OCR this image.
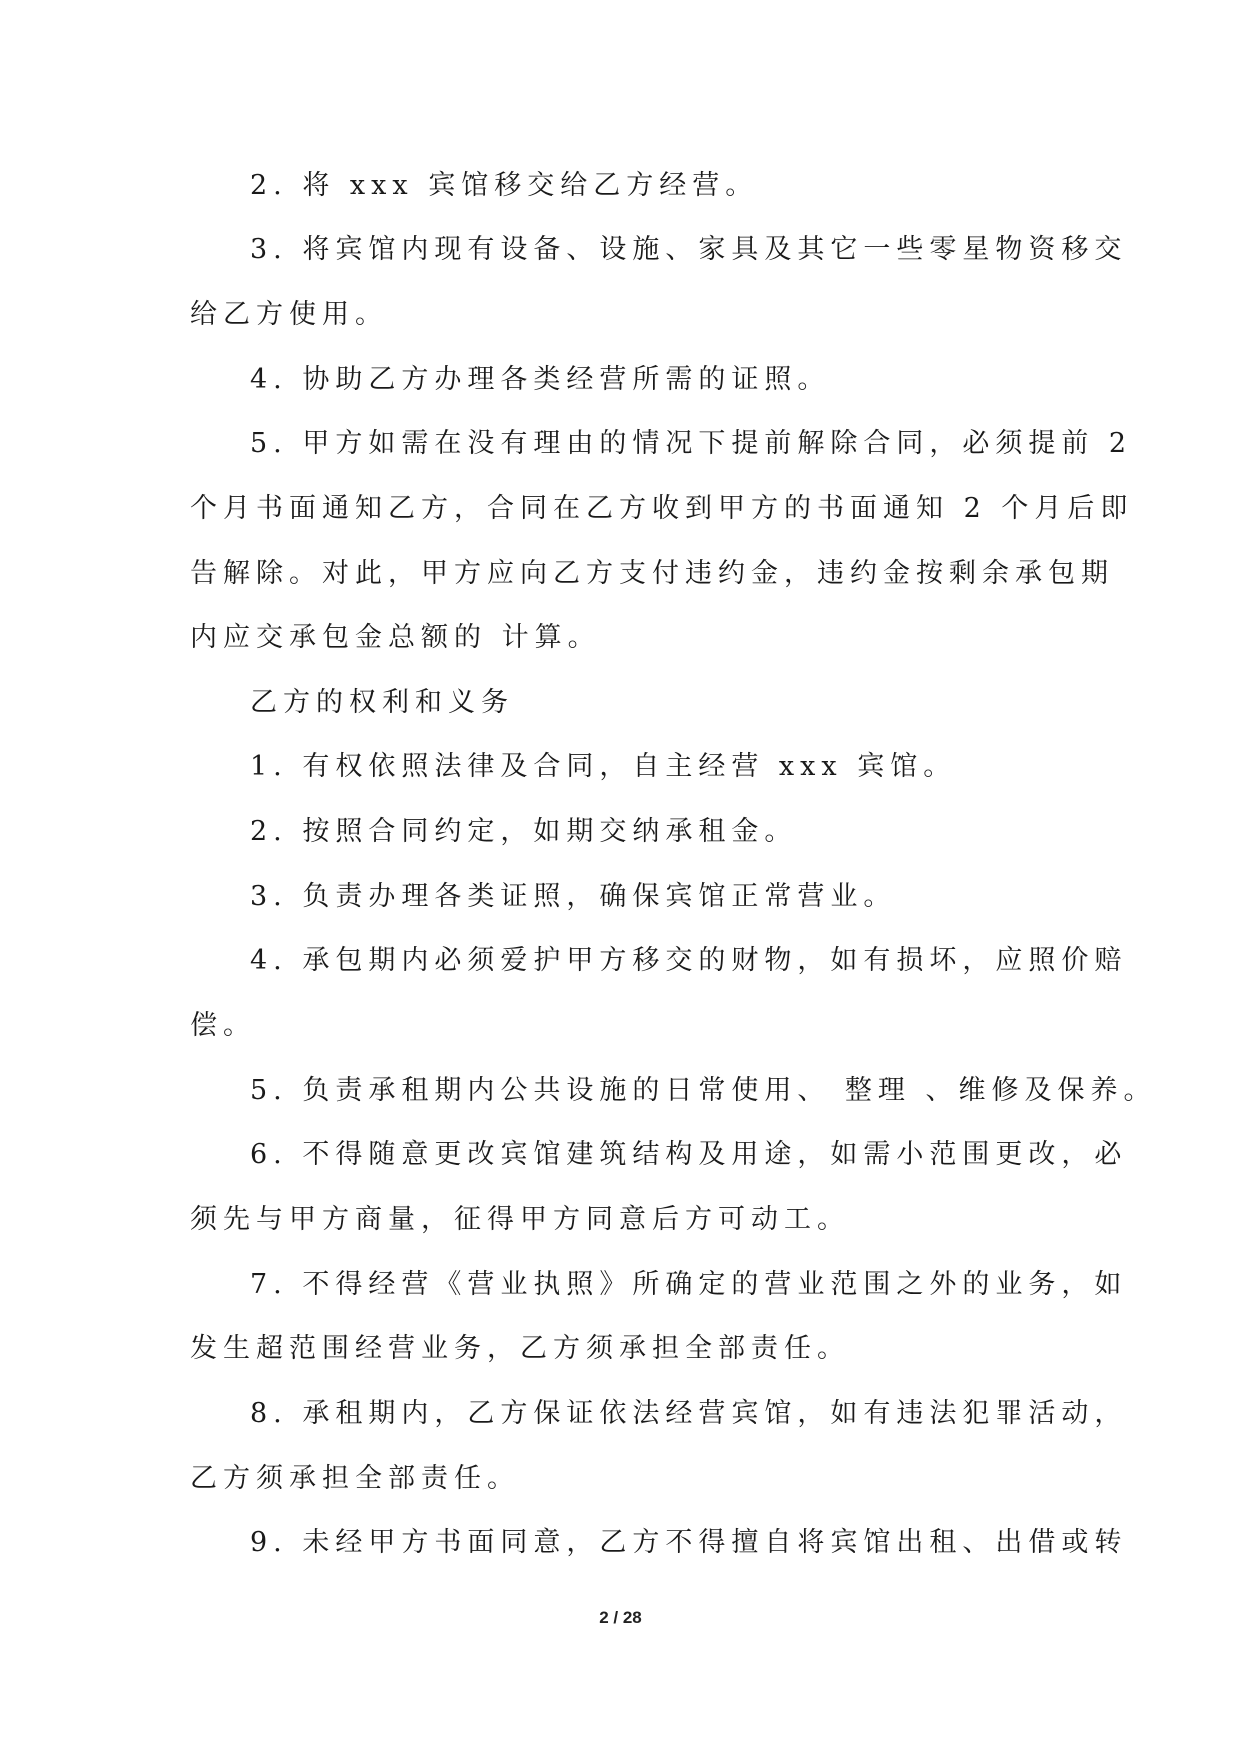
2. 将 xxx 宾馆移交给乙方经营。
3. 将宾馆内现有设备、设施、家具及其它一些零星物资移交
给乙方使用。
4. 协助乙方办理各类经营所需的证照。
5. 甲方如需在没有理由的情况下提前解除合同，必须提前 2
个月书面通知乙方，合同在乙方收到甲方的书面通知 2 个月后即
告解除。对此，甲方应向乙方支付违约金，违约金按剩余承包期
内应交承包金总额的 计算。
乙方的权利和义务
1. 有权依照法律及合同，自主经营 xxx 宾馆。
2. 按照合同约定，如期交纳承租金。
3. 负责办理各类证照，确保宾馆正常营业。
4. 承包期内必须爱护甲方移交的财物，如有损坏，应照价赔
偿。
5. 负责承租期内公共设施的日常使用、 整理 、维修及保养。
6. 不得随意更改宾馆建筑结构及用途，如需小范围更改，必
须先与甲方商量，征得甲方同意后方可动工。
7. 不得经营《营业执照》所确定的营业范围之外的业务，如
发生超范围经营业务，乙方须承担全部责任。
8. 承租期内，乙方保证依法经营宾馆，如有违法犯罪活动，
乙方须承担全部责任。
9. 未经甲方书面同意，乙方不得擅自将宾馆出租、出借或转
2 / 28
